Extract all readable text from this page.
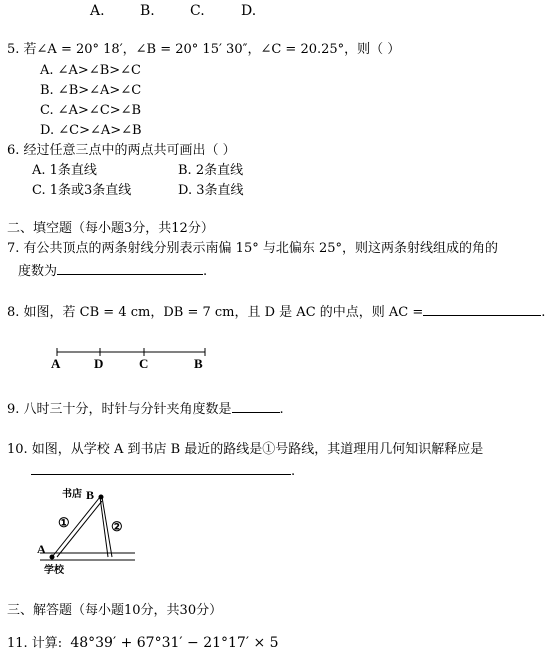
A.	B.	C.	D.
5. 若∠A = 20° 18′，∠B = 20° 15′ 30″，∠C = 20.25°，则（ ）
A. ∠A>∠B>∠C
B. ∠B>∠A>∠C
C. ∠A>∠C>∠B
D. ∠C>∠A>∠B
6. 经过任意三点中的两点共可画出（ ）
A. 1条直线	B. 2条直线
C. 1条或3条直线	D. 3条直线
二、填空题（每小题3分，共12分）
7. 有公共顶点的两条射线分别表示南偏 15° 与北偏东 25°，则这两条射线组成的角的
度数为	.
8. 如图，若 CB = 4 cm，DB = 7 cm，且 D 是 AC 的中点，则 AC =	.
A	D	C	B
书店 B
①	②
A
学校
9. 八时三十分，时针与分针夹角度数是	.
10. 如图，从学校 A 到书店 B 最近的路线是①号路线，其道理用几何知识解释应是
.
三、解答题（每小题10分，共30分）
11. 计算: 48°39′ + 67°31′ − 21°17′ × 5
